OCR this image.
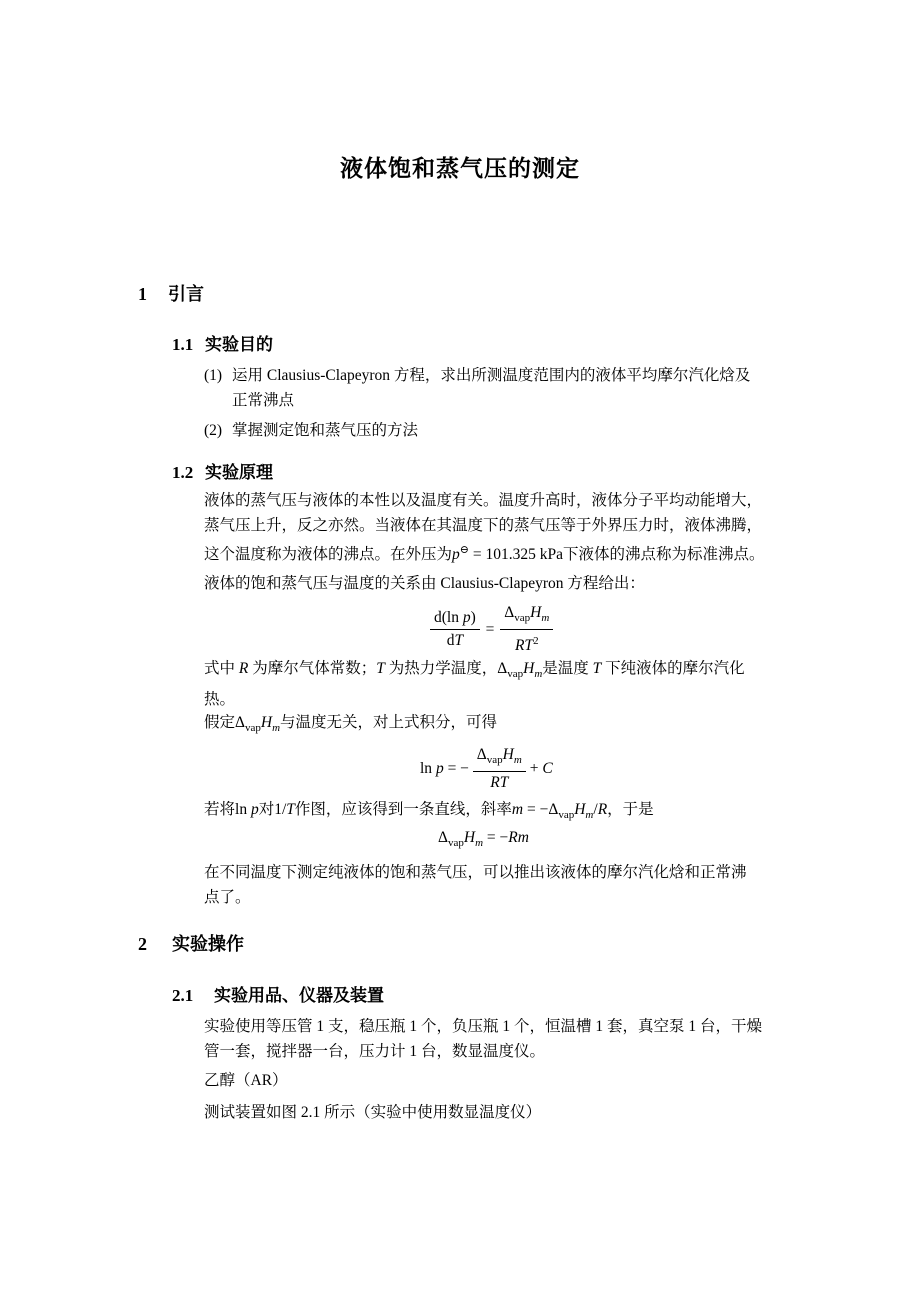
液体饱和蒸气压的测定
1 引言
1.1 实验目的
(1) 运用 Clausius-Clapeyron 方程，求出所测温度范围内的液体平均摩尔汽化焓及
正常沸点
(2) 掌握测定饱和蒸气压的方法
1.2 实验原理
液体的蒸气压与液体的本性以及温度有关。温度升高时，液体分子平均动能增大，
蒸气压上升，反之亦然。当液体在其温度下的蒸气压等于外界压力时，液体沸腾，
这个温度称为液体的沸点。在外压为p⊖ = 101.325 kPa下液体的沸点称为标准沸点。
液体的饱和蒸气压与温度的关系由 Clausius-Clapeyron 方程给出：
$\frac{\text{d(ln p)}}{dT} = \frac{\Delta_{vap}H_m}{RT^2}$
式中 R 为摩尔气体常数；T 为热力学温度，$\Delta_{vap}H_m$是温度 T 下纯液体的摩尔汽化
热。
假定$\Delta_{vap}H_m$与温度无关，对上式积分，可得
ln p = − $\frac{\Delta_{vap}H_m}{RT} + C$
若将ln p对1/T作图，应该得到一条直线，斜率$m = -\Delta_{vap}H_m/R$，于是
$\Delta_{vap}H_m = -Rm$
在不同温度下测定纯液体的饱和蒸气压，可以推出该液体的摩尔汽化焓和正常沸
点了。
2 实验操作
2.1 实验用品、仪器及装置
实验使用等压管 1 支，稳压瓶 1 个，负压瓶 1 个，恒温槽 1 套，真空泵 1 台，干燥
管一套，搅拌器一台，压力计 1 台，数显温度仪。
乙醇（AR）
测试装置如图 2.1 所示（实验中使用数显温度仪）
